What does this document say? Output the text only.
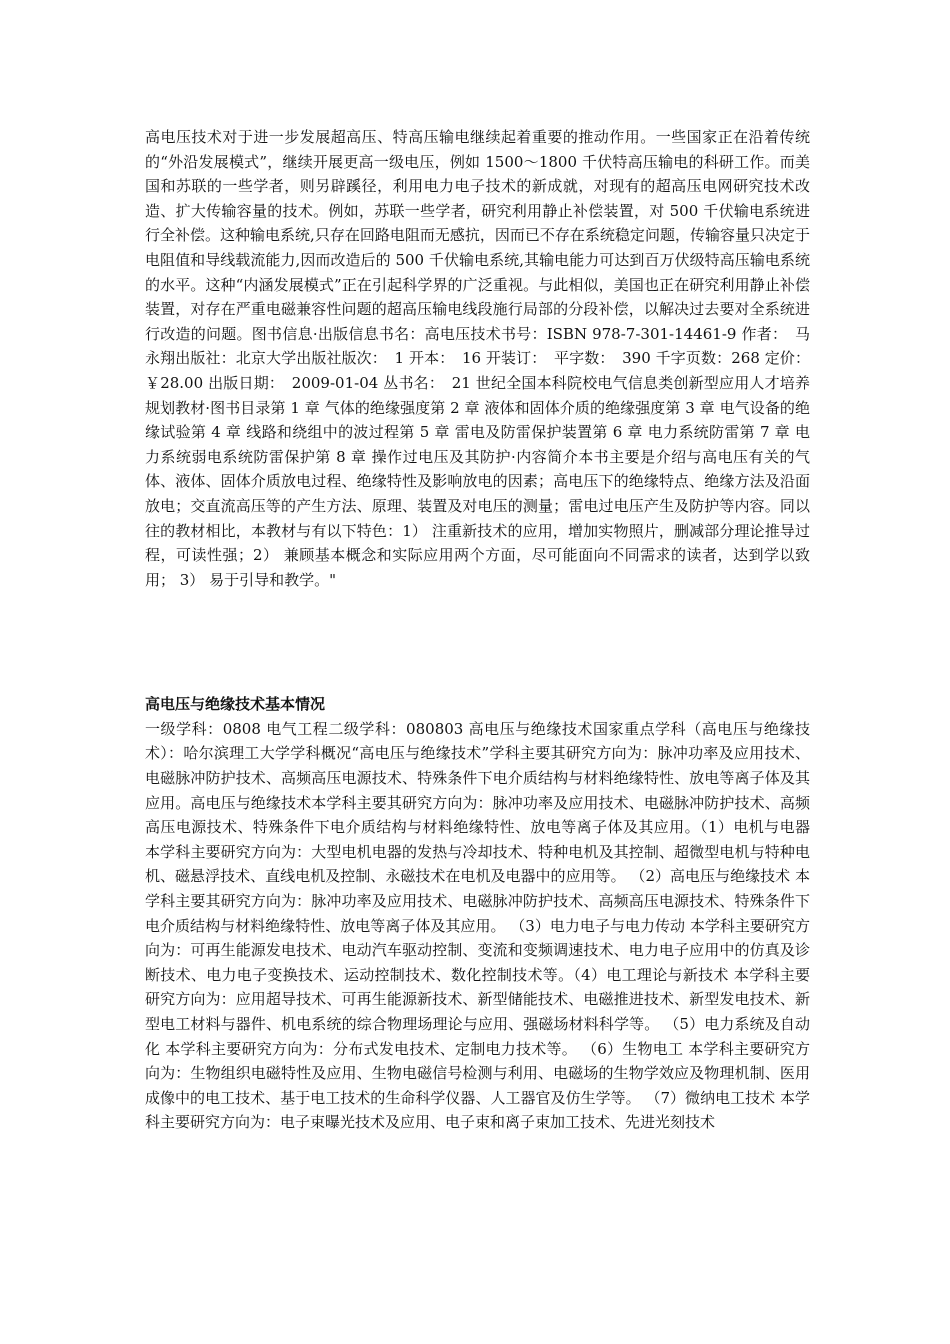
高电压技术对于进一步发展超高压、特高压输电继续起着重要的推动作用。一些国家正在沿着传统的“外沿发展模式”，继续开展更高一级电压，例如 1500～1800 千伏特高压输电的科研工作。而美国和苏联的一些学者，则另辟蹊径，利用电力电子技术的新成就，对现有的超高压电网研究技术改造、扩大传输容量的技术。例如，苏联一些学者，研究利用静止补偿装置，对 500 千伏输电系统进行全补偿。这种输电系统,只存在回路电阻而无感抗，因而已不存在系统稳定问题，传输容量只决定于电阻值和导线载流能力,因而改造后的 500 千伏输电系统,其输电能力可达到百万伏级特高压输电系统的水平。这种“内涵发展模式”正在引起科学界的广泛重视。与此相似，美国也正在研究利用静止补偿装置，对存在严重电磁兼容性问题的超高压输电线段施行局部的分段补偿，以解决过去要对全系统进行改造的问题。图书信息·出版信息书名：高电压技术书号：ISBN 978-7-301-14461-9 作者：　马永翔出版社：北京大学出版社版次：　1 开本：　16 开装订：　平字数：　390 千字页数：268 定价：￥28.00 出版日期：　2009-01-04 丛书名：　21 世纪全国本科院校电气信息类创新型应用人才培养规划教材·图书目录第 1 章 气体的绝缘强度第 2 章 液体和固体介质的绝缘强度第 3 章 电气设备的绝缘试验第 4 章 线路和绕组中的波过程第 5 章 雷电及防雷保护装置第 6 章 电力系统防雷第 7 章 电力系统弱电系统防雷保护第 8 章 操作过电压及其防护·内容简介本书主要是介绍与高电压有关的气体、液体、固体介质放电过程、绝缘特性及影响放电的因素；高电压下的绝缘特点、绝缘方法及沿面放电；交直流高压等的产生方法、原理、装置及对电压的测量；雷电过电压产生及防护等内容。同以往的教材相比，本教材与有以下特色：1） 注重新技术的应用，增加实物照片，删减部分理论推导过程，可读性强；2） 兼顾基本概念和实际应用两个方面，尽可能面向不同需求的读者，达到学以致用； 3） 易于引导和教学。"

高电压与绝缘技术基本情况

一级学科：0808 电气工程二级学科：080803 高电压与绝缘技术国家重点学科（高电压与绝缘技术）：哈尔滨理工大学学科概况“高电压与绝缘技术”学科主要其研究方向为：脉冲功率及应用技术、电磁脉冲防护技术、高频高压电源技术、特殊条件下电介质结构与材料绝缘特性、放电等离子体及其应用。高电压与绝缘技术本学科主要其研究方向为：脉冲功率及应用技术、电磁脉冲防护技术、高频高压电源技术、特殊条件下电介质结构与材料绝缘特性、放电等离子体及其应用。（1）电机与电器 本学科主要研究方向为：大型电机电器的发热与冷却技术、特种电机及其控制、超微型电机与特种电机、磁悬浮技术、直线电机及控制、永磁技术在电机及电器中的应用等。 （2）高电压与绝缘技术 本学科主要其研究方向为：脉冲功率及应用技术、电磁脉冲防护技术、高频高压电源技术、特殊条件下电介质结构与材料绝缘特性、放电等离子体及其应用。 （3）电力电子与电力传动 本学科主要研究方向为：可再生能源发电技术、电动汽车驱动控制、变流和变频调速技术、电力电子应用中的仿真及诊断技术、电力电子变换技术、运动控制技术、数化控制技术等。（4）电工理论与新技术 本学科主要研究方向为：应用超导技术、可再生能源新技术、新型储能技术、电磁推进技术、新型发电技术、新型电工材料与器件、机电系统的综合物理场理论与应用、强磁场材料科学等。 （5）电力系统及自动化 本学科主要研究方向为：分布式发电技术、定制电力技术等。 （6）生物电工 本学科主要研究方向为：生物组织电磁特性及应用、生物电磁信号检测与利用、电磁场的生物学效应及物理机制、医用成像中的电工技术、基于电工技术的生命科学仪器、人工器官及仿生学等。 （7）微纳电工技术 本学科主要研究方向为：电子束曝光技术及应用、电子束和离子束加工技术、先进光刻技术
